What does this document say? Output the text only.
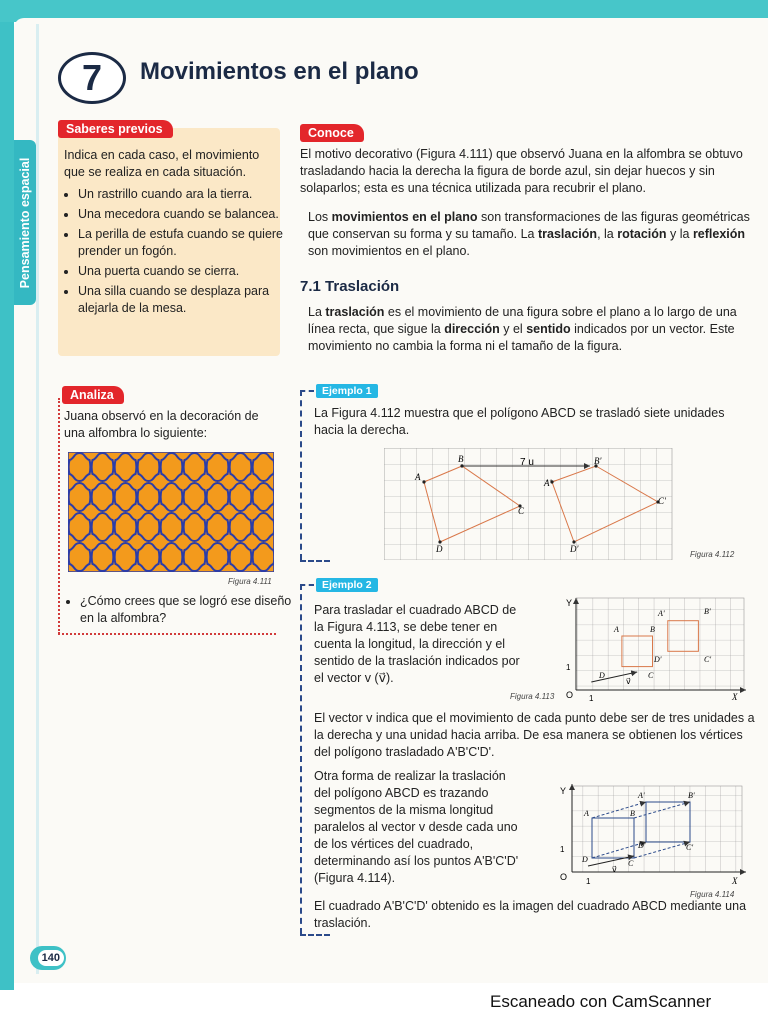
Pensamiento espacial
7	Movimientos en el plano
Saberes previos
Indica en cada caso, el movimiento que se realiza en cada situación.
• Un rastrillo cuando ara la tierra.
• Una mecedora cuando se balancea.
• La perilla de estufa cuando se quiere prender un fogón.
• Una puerta cuando se cierra.
• Una silla cuando se desplaza para alejarla de la mesa.
Analiza
Juana observó en la decoración de una alfombra lo siguiente:
Figura 4.111
• ¿Cómo crees que se logró ese diseño en la alfombra?
Conoce
El motivo decorativo (Figura 4.111) que observó Juana en la alfombra se obtuvo trasladando hacia la derecha la figura de borde azul, sin dejar huecos y sin solaparlos; esta es una técnica utilizada para recubrir el plano.
Los movimientos en el plano son transformaciones de las figuras geométricas que conservan su forma y su tamaño. La traslación, la rotación y la reflexión son movimientos en el plano.
7.1 Traslación
La traslación es el movimiento de una figura sobre el plano a lo largo de una línea recta, que sigue la dirección y el sentido indicados por un vector. Este movimiento no cambia la forma ni el tamaño de la figura.
Ejemplo 1
La Figura 4.112 muestra que el polígono ABCD se trasladó siete unidades hacia la derecha.
A
B
C
D
A'
B'
C'
D'
7 u
Figura 4.112
Ejemplo 2
Para trasladar el cuadrado ABCD de la Figura 4.113, se debe tener en cuenta la longitud, la dirección y el sentido de la traslación indicados por el vector v (v⃗).
Y
X
O
1
1
A	B
C
D
A'	B'
C'
D'
v⃗
Figura 4.113
El vector v indica que el movimiento de cada punto debe ser de tres unidades a la derecha y una unidad hacia arriba. De esa manera se obtienen los vértices del polígono trasladado A'B'C'D'.
Otra forma de realizar la traslación del polígono ABCD es trazando segmentos de la misma longitud paralelos al vector v desde cada uno de los vértices del cuadrado, determinando así los puntos A'B'C'D' (Figura 4.114).
Y
X
O
1
1
A	B
C
D
A'	B'
C'
D'
v⃗
Figura 4.114
El cuadrado A'B'C'D' obtenido es la imagen del cuadrado ABCD mediante una traslación.
140
Escaneado con CamScanner
